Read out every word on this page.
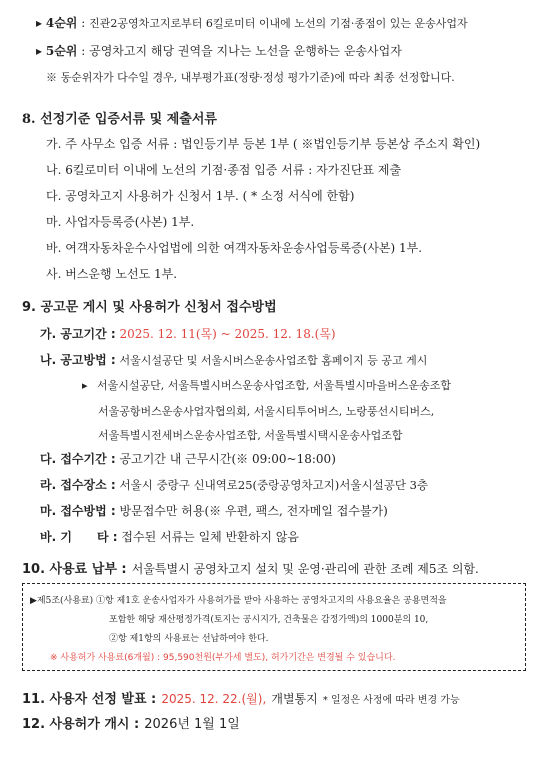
▸ 4순위 : 진관2공영차고지로부터 6킬로미터 이내에 노선의 기점·종점이 있는 운송사업자
▸ 5순위 : 공영차고지 해당 권역을 지나는 노선을 운행하는 운송사업자
※ 동순위자가 다수일 경우, 내부평가표(정량·정성 평가기준)에 따라 최종 선정합니다.
8. 선정기준 입증서류 및 제출서류
가. 주 사무소 입증 서류 : 법인등기부 등본 1부 ( ※법인등기부 등본상 주소지 확인)
나. 6킬로미터 이내에 노선의 기점·종점 입증 서류 : 자가진단표 제출
다. 공영차고지 사용허가 신청서 1부. ( * 소정 서식에 한함)
마. 사업자등록증(사본) 1부.
바. 여객자동차운수사업법에 의한 여객자동차운송사업등록증(사본) 1부.
사. 버스운행 노선도 1부.
9. 공고문 게시 및 사용허가 신청서 접수방법
가. 공고기간 : 2025. 12. 11(목) ~ 2025. 12. 18.(목)
나. 공고방법 : 서울시설공단 및 서울시버스운송사업조합 홈페이지 등 공고 게시
▸ 서울시설공단, 서울특별시버스운송사업조합, 서울특별시마을버스운송조합
서울공항버스운송사업자협의회, 서울시티투어버스, 노랑풍선시티버스,
서울특별시전세버스운송사업조합, 서울특별시택시운송사업조합
다. 접수기간 : 공고기간 내 근무시간(※ 09:00~18:00)
라. 접수장소 : 서울시 중랑구 신내역로25(중랑공영차고지)서울시설공단 3층
마. 접수방법 : 방문접수만 허용(※ 우편, 팩스, 전자메일 접수불가)
바. 기      타 : 접수된 서류는 일체 반환하지 않음
10. 사용료 납부 : 서울특별시 공영차고지 설치 및 운영·관리에 관한 조례 제5조 의함.
▶제5조(사용료) ①항 제1호 운송사업자가 사용허가를 받아 사용하는 공영차고지의 사용요율은 공용면적을
포함한 해당 재산평정가격(토지는 공시지가, 건축물은 감정가액)의 1000분의 10,
②항 제1항의 사용료는 선납하여야 한다.
※ 사용허가 사용료(6개월) : 95,590천원(부가세 별도), 허가기간은 변경될 수 있습니다.
11. 사용자 선정 발표 : 2025. 12. 22.(월), 개별통지 * 일정은 사정에 따라 변경 가능
12. 사용허가 개시 : 2026년 1월 1일
